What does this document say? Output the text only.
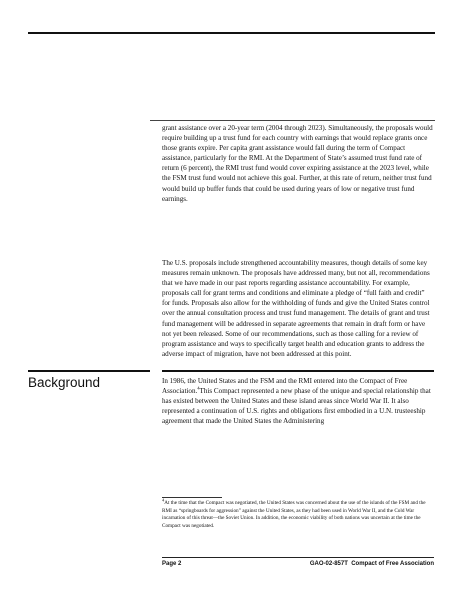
grant assistance over a 20-year term (2004 through 2023). Simultaneously, the proposals would require building up a trust fund for each country with earnings that would replace grants once those grants expire. Per capita grant assistance would fall during the term of Compact assistance, particularly for the RMI. At the Department of State’s assumed trust fund rate of return (6 percent), the RMI trust fund would cover expiring assistance at the 2023 level, while the FSM trust fund would not achieve this goal. Further, at this rate of return, neither trust fund would build up buffer funds that could be used during years of low or negative trust fund earnings.

The U.S. proposals include strengthened accountability measures, though details of some key measures remain unknown. The proposals have addressed many, but not all, recommendations that we have made in our past reports regarding assistance accountability. For example, proposals call for grant terms and conditions and eliminate a pledge of “full faith and credit” for funds. Proposals also allow for the withholding of funds and give the United States control over the annual consultation process and trust fund management. The details of grant and trust fund management will be addressed in separate agreements that remain in draft form or have not yet been released. Some of our recommendations, such as those calling for a review of program assistance and ways to specifically target health and education grants to address the adverse impact of migration, have not been addressed at this point.

Background	In 1986, the United States and the FSM and the RMI entered into the Compact of Free Association.$^4$This Compact represented a new phase of the unique and special relationship that has existed between the United States and these island areas since World War II. It also represented a continuation of U.S. rights and obligations first embodied in a U.N. trusteeship agreement that made the United States the Administering

4At the time that the Compact was negotiated, the United States was concerned about the use of the islands of the FSM and the RMI as “springboards for aggression” against the United States, as they had been used in World War II, and the Cold War incarnation of this threat—the Soviet Union. In addition, the economic viability of both nations was uncertain at the time the Compact was negotiated.

Page 2	GAO-02-857T  Compact of Free Association
